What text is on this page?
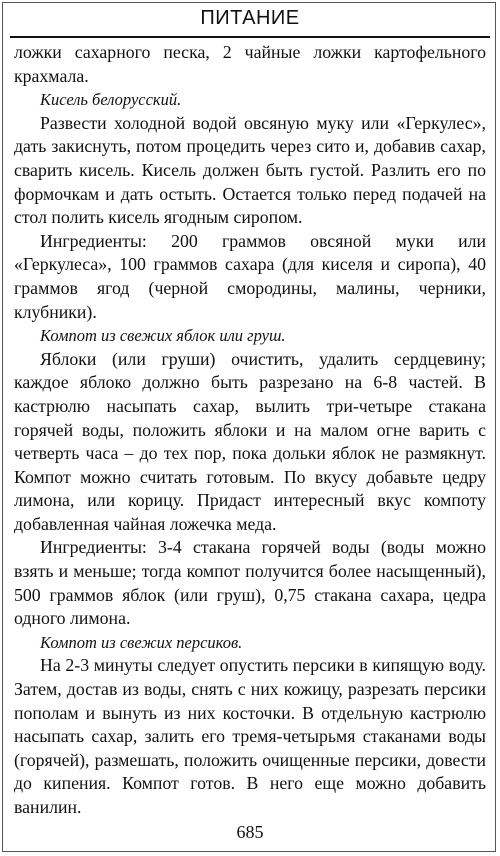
ПИТАНИЕ

ложки сахарного песка, 2 чайные ложки картофельного крахмала.

Кисель белорусский.

Развести холодной водой овсяную муку или «Геркулес», дать закиснуть, потом процедить через сито и, добавив сахар, сварить кисель. Кисель должен быть густой. Разлить его по формочкам и дать остыть. Остается только перед подачей на стол полить кисель ягодным сиропом.

Ингредиенты: 200 граммов овсяной муки или «Геркулеса», 100 граммов сахара (для киселя и сиропа), 40 граммов ягод (черной смородины, малины, черники, клубники).

Компот из свежих яблок или груш.

Яблоки (или груши) очистить, удалить сердцевину; каждое яблоко должно быть разрезано на 6-8 частей. В кастрюлю насыпать сахар, вылить три-четыре стакана горячей воды, положить яблоки и на малом огне варить с четверть часа – до тех пор, пока дольки яблок не размякнут. Компот можно считать готовым. По вкусу добавьте цедру лимона, или корицу. Придаст интересный вкус компоту добавленная чайная ложечка меда.

Ингредиенты: 3-4 стакана горячей воды (воды можно взять и меньше; тогда компот получится более насыщенный), 500 граммов яблок (или груш), 0,75 стакана сахара, цедра одного лимона.

Компот из свежих персиков.

На 2-3 минуты следует опустить персики в кипящую воду. Затем, достав из воды, снять с них кожицу, разрезать персики пополам и вынуть из них косточки. В отдельную кастрюлю насыпать сахар, залить его тремя-четырьмя стаканами воды (горячей), размешать, положить очищенные персики, довести до кипения. Компот готов. В него еще можно добавить ванилин.

685
